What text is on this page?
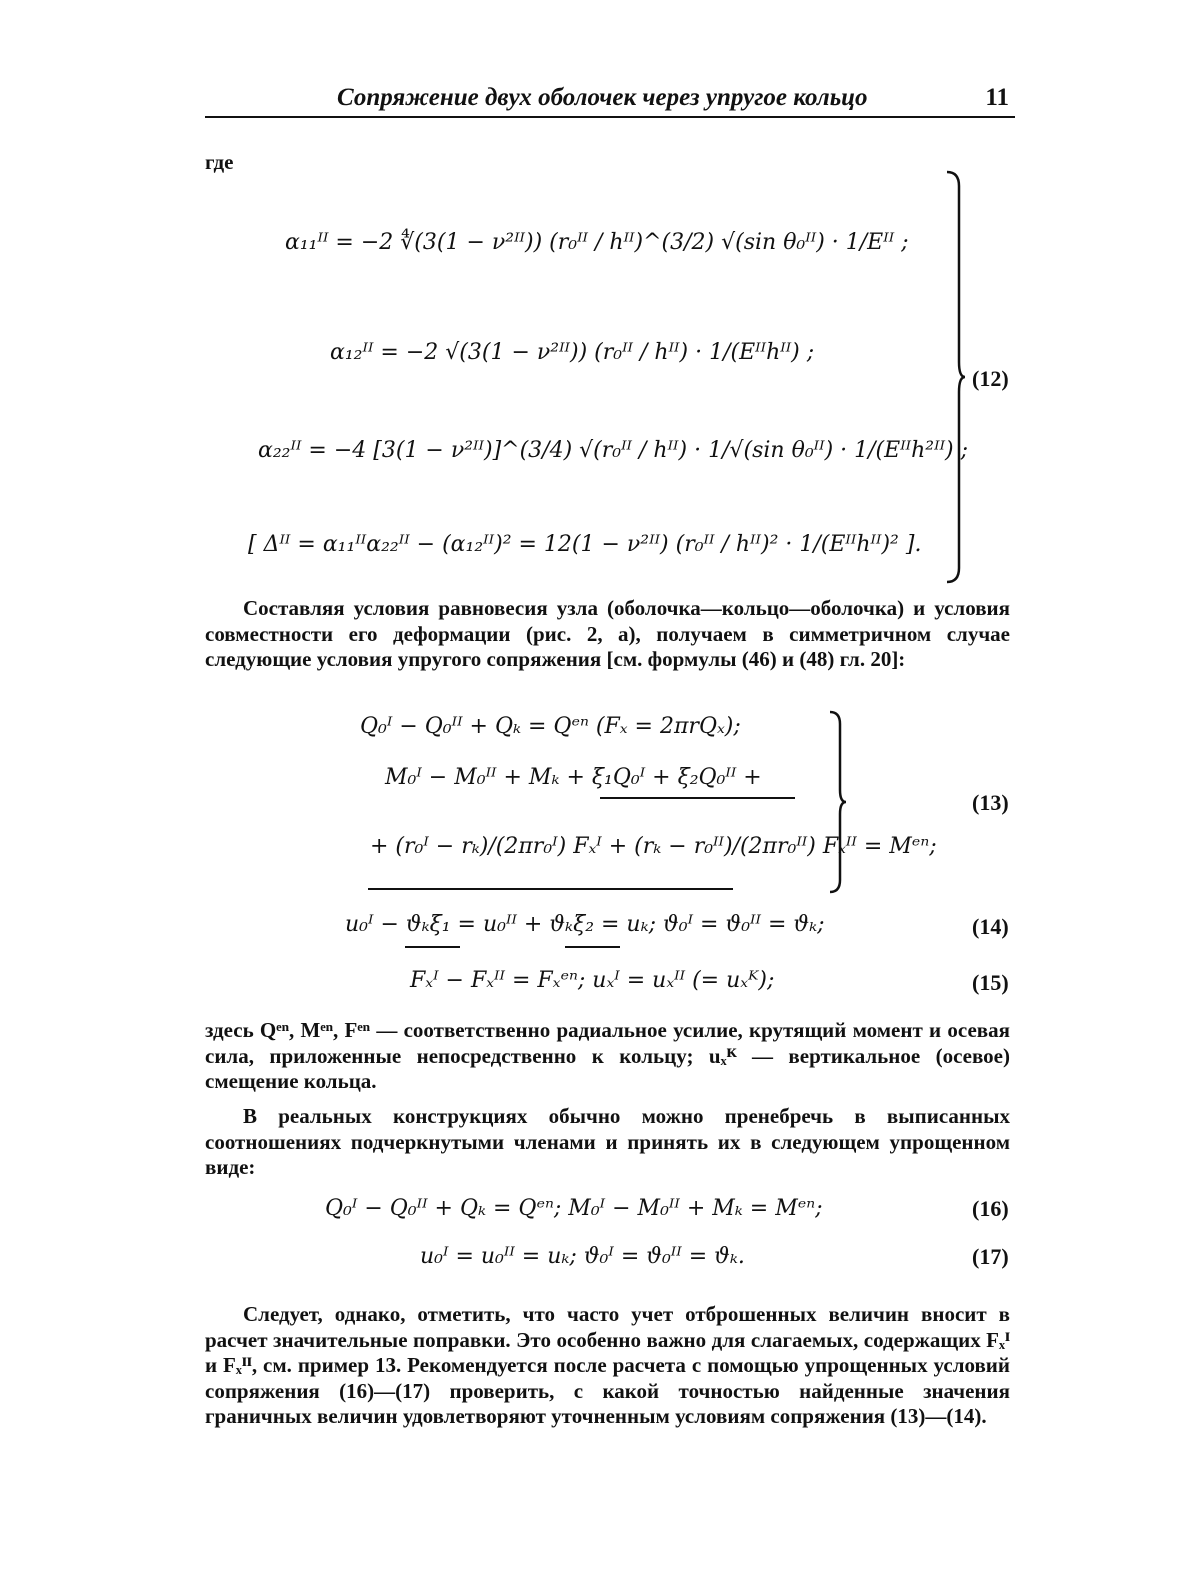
Сопряжение двух оболочек через упругое кольцо	11
где
α₁₁ᴵᴵ = −2 ∜(3(1 − ν²ᴵᴵ)) (r₀ᴵᴵ / hᴵᴵ)^(3/2) √(sin θ₀ᴵᴵ) · 1/Eᴵᴵ ;
α₁₂ᴵᴵ = −2 √(3(1 − ν²ᴵᴵ)) (r₀ᴵᴵ / hᴵᴵ) · 1/(Eᴵᴵhᴵᴵ) ;
α₂₂ᴵᴵ = −4 [3(1 − ν²ᴵᴵ)]^(3/4) √(r₀ᴵᴵ / hᴵᴵ) · 1/√(sin θ₀ᴵᴵ) · 1/(Eᴵᴵh²ᴵᴵ) ;
[ Δᴵᴵ = α₁₁ᴵᴵα₂₂ᴵᴵ − (α₁₂ᴵᴵ)² = 12(1 − ν²ᴵᴵ) (r₀ᴵᴵ / hᴵᴵ)² · 1/(Eᴵᴵhᴵᴵ)² ].
(12)
Составляя условия равновесия узла (оболочка—кольцо—оболочка) и условия совместности его деформации (рис. 2, а), получаем в симметричном случае следующие условия упругого сопряжения [см. формулы (46) и (48) гл. 20]:
Q₀ᴵ − Q₀ᴵᴵ + Qₖ = Qᵉⁿ (Fₓ = 2πrQₓ);
M₀ᴵ − M₀ᴵᴵ + Mₖ + ξ₁Q₀ᴵ + ξ₂Q₀ᴵᴵ +
+ (r₀ᴵ − rₖ)/(2πr₀ᴵ) Fₓᴵ + (rₖ − r₀ᴵᴵ)/(2πr₀ᴵᴵ) Fₓᴵᴵ = Mᵉⁿ;
(13)
u₀ᴵ − ϑₖξ₁ = u₀ᴵᴵ + ϑₖξ₂ = uₖ; ϑ₀ᴵ = ϑ₀ᴵᴵ = ϑₖ;	(14)
Fₓᴵ − Fₓᴵᴵ = Fₓᵉⁿ; uₓᴵ = uₓᴵᴵ (= uₓᴷ);	(15)
здесь Qᵉⁿ, Mᵉⁿ, Fᵉⁿ — соответственно радиальное усилие, крутящий момент и осевая сила, приложенные непосредственно к кольцу; uₓᴷ — вертикальное (осевое) смещение кольца.
В реальных конструкциях обычно можно пренебречь в выписанных соотношениях подчеркнутыми членами и принять их в следующем упрощенном виде:
Q₀ᴵ − Q₀ᴵᴵ + Qₖ = Qᵉⁿ; M₀ᴵ − M₀ᴵᴵ + Mₖ = Mᵉⁿ;	(16)
u₀ᴵ = u₀ᴵᴵ = uₖ; ϑ₀ᴵ = ϑ₀ᴵᴵ = ϑₖ.	(17)
Следует, однако, отметить, что часто учет отброшенных величин вносит в расчет значительные поправки. Это особенно важно для слагаемых, содержащих Fₓᴵ и Fₓᴵᴵ, см. пример 13. Рекомендуется после расчета с помощью упрощенных условий сопряжения (16)—(17) проверить, с какой точностью найденные значения граничных величин удовлетворяют уточненным условиям сопряжения (13)—(14).
